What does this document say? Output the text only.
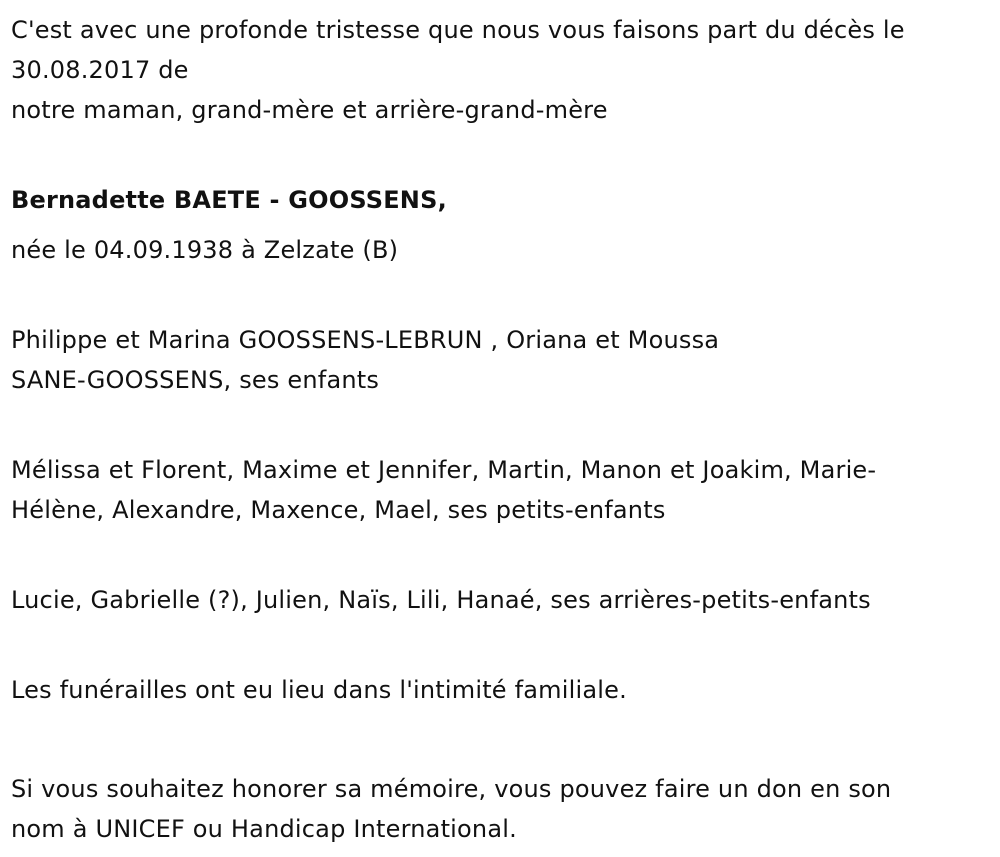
C'est avec une profonde tristesse que nous vous faisons part du décès le
30.08.2017 de
notre maman, grand-mère et arrière-grand-mère

Bernadette BAETE - GOOSSENS,

née le 04.09.1938 à Zelzate (B)

Philippe et Marina GOOSSENS-LEBRUN , Oriana et Moussa
SANE-GOOSSENS, ses enfants

Mélissa et Florent, Maxime et Jennifer, Martin, Manon et Joakim, Marie-
Hélène, Alexandre, Maxence, Mael, ses petits-enfants

Lucie, Gabrielle (?), Julien, Naïs, Lili, Hanaé, ses arrières-petits-enfants

Les funérailles ont eu lieu dans l'intimité familiale.

Si vous souhaitez honorer sa mémoire, vous pouvez faire un don en son
nom à UNICEF ou Handicap International.
